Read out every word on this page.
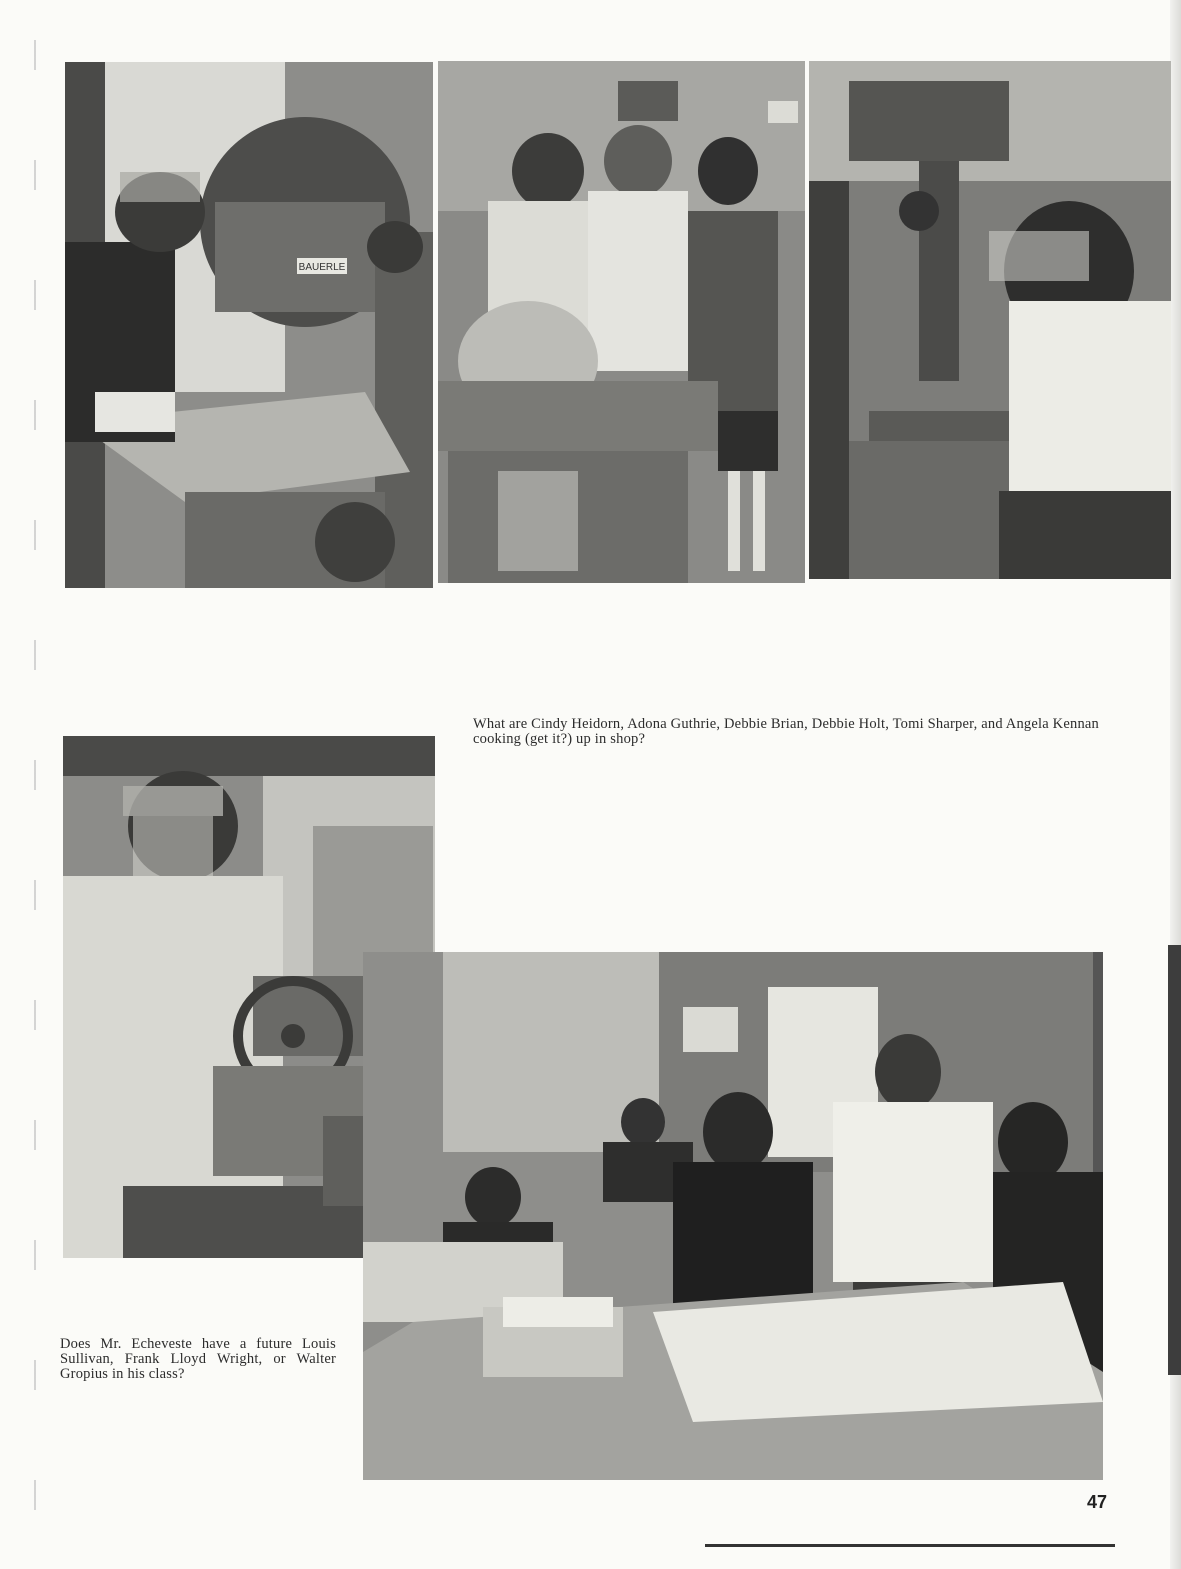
BAUERLE
What are Cindy Heidorn, Adona Guthrie, Debbie Brian, Debbie Holt, Tomi Sharper, and Angela Kennan cooking (get it?) up in shop?
Does Mr. Echeveste have a future Louis Sullivan, Frank Lloyd Wright, or Walter Gropius in his class?
47
